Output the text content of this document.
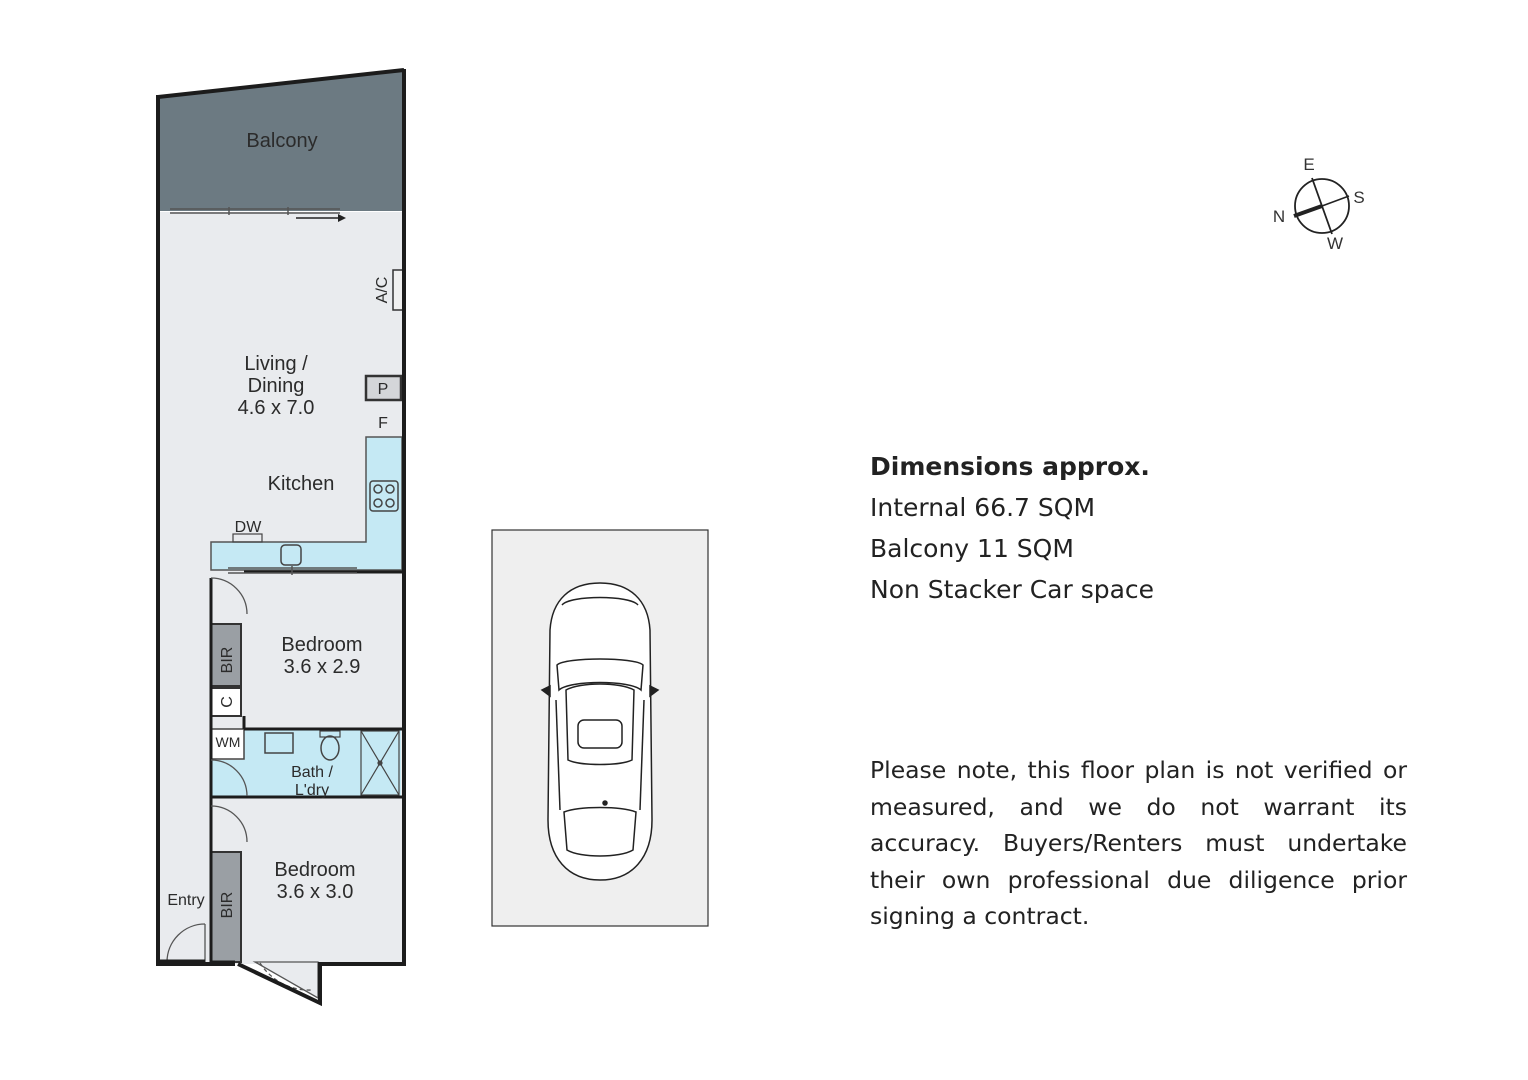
Balcony
A/C
Living /
Dining
4.6 x 7.0
P
F
Kitchen
DW
Bedroom
3.6 x 2.9
BIR
C
WM
Bath /
L'dry
Bedroom
3.6 x 3.0
BIR
Entry
E
S
N
W
Dimensions approx.
Internal 66.7 SQM
Balcony 11 SQM
Non Stacker Car space
Please note, this floor plan is not verified or measured, and we do not warrant its accuracy. Buyers/Renters must undertake their own professional due diligence prior signing a contract.
